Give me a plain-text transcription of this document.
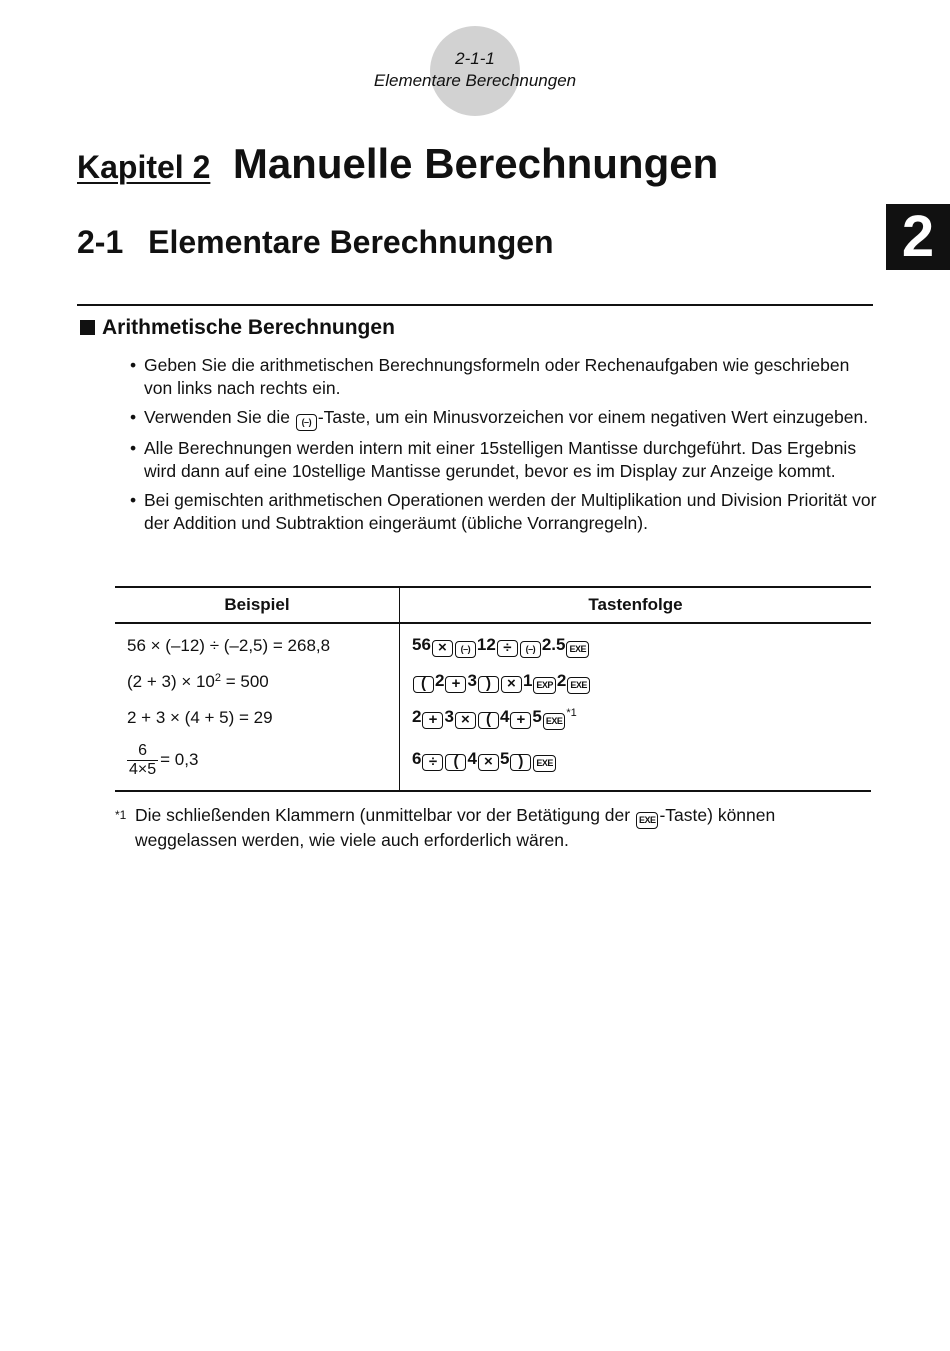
2-1-1
Elementare Berechnungen
Kapitel 2 Manuelle Berechnungen
2-1 Elementare Berechnungen	2
Arithmetische Berechnungen
• Geben Sie die arithmetischen Berechnungsformeln oder Rechenaufgaben wie geschrieben von links nach rechts ein.
• Verwenden Sie die (–) -Taste, um ein Minusvorzeichen vor einem negativen Wert einzugeben.
• Alle Berechnungen werden intern mit einer 15stelligen Mantisse durchgeführt. Das Ergebnis wird dann auf eine 10stellige Mantisse gerundet, bevor es im Display zur Anzeige kommt.
• Bei gemischten arithmetischen Operationen werden der Multiplikation und Division Priorität vor der Addition und Subtraktion eingeräumt (übliche Vorrangregeln).
Beispiel	Tastenfolge
56 × (–12) ÷ (–2,5) = 268,8	56 × (–) 12 ÷ (–) 2.5 EXE
$(2 + 3) \times 10^2 = 500$	( 2 + 3 ) × 1 EXP 2 EXE
2 + 3 × (4 + 5) = 29	2 + 3 × ( 4 + 5 EXE$^{*1}$

$\frac{6}{4\times 5} = 0,3$	6 ÷ ( 4 × 5 ) EXE
*1 Die schließenden Klammern (unmittelbar vor der Betätigung der EXE -Taste) können weggelassen werden, wie viele auch erforderlich wären.
